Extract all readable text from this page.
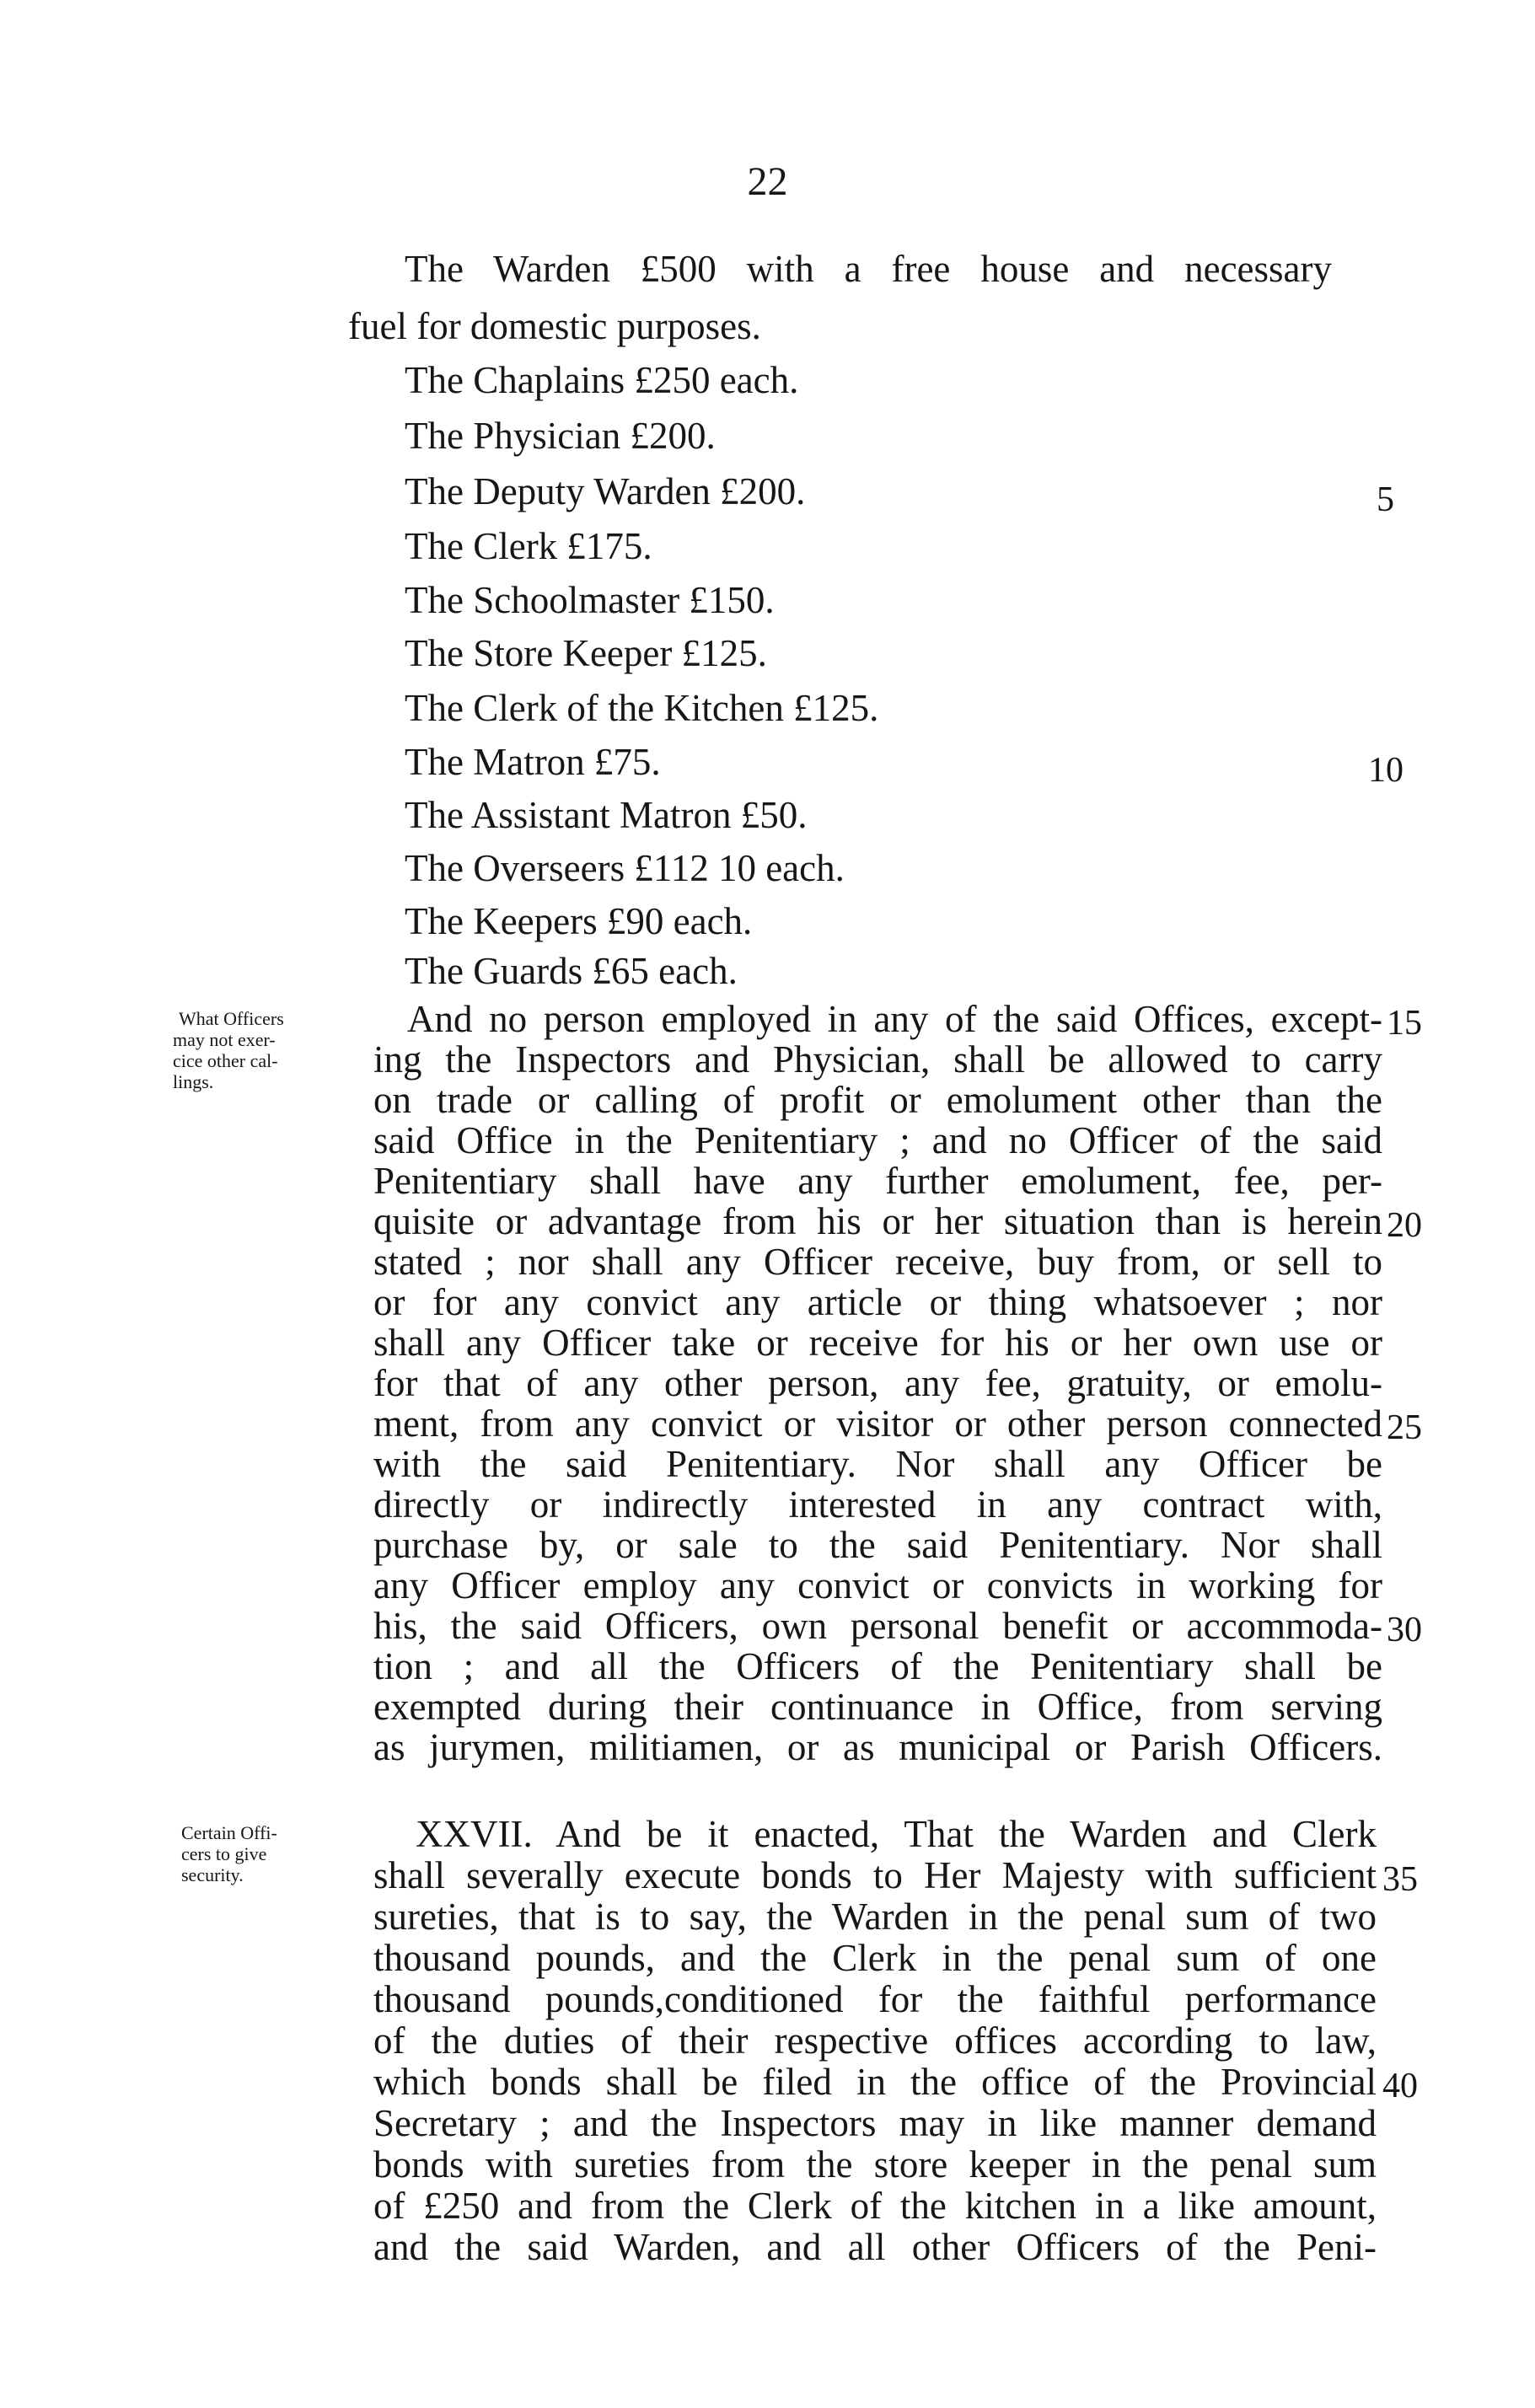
22
The Warden £500 with a free house and necessary
fuel for domestic purposes.
The Chaplains £250 each.
The Physician £200.
The Deputy Warden £200.
The Clerk £175.
The Schoolmaster £150.
The Store Keeper £125.
The Clerk of the Kitchen £125.
The Matron £75.
The Assistant Matron £50.
The Overseers £112 10 each.
The Keepers £90 each.
The Guards £65 each.
What Officers
may not exer-
cice other cal-
lings.
And no person employed in any of the said Offices, except-
ing the Inspectors and Physician, shall be allowed to carry
on trade or calling of profit or emolument other than the
said Office in the Penitentiary ; and no Officer of the said
Penitentiary shall have any further emolument, fee, per-
quisite or advantage from his or her situation than is herein
stated ; nor shall any Officer receive, buy from, or sell to
or for any convict any article or thing whatsoever ; nor
shall any Officer take or receive for his or her own use or
for that of any other person, any fee, gratuity, or emolu-
ment, from any convict or visitor or other person connected
with the said Penitentiary. Nor shall any Officer be
directly or indirectly interested in any contract with,
purchase by, or sale to the said Penitentiary. Nor shall
any Officer employ any convict or convicts in working for
his, the said Officers, own personal benefit or accommoda-
tion ; and all the Officers of the Penitentiary shall be
exempted during their continuance in Office, from serving
as jurymen, militiamen, or as municipal or Parish Officers.
Certain Offi-
cers to give
security.
XXVII. And be it enacted, That the Warden and Clerk
shall severally execute bonds to Her Majesty with sufficient
sureties, that is to say, the Warden in the penal sum of two
thousand pounds, and the Clerk in the penal sum of one
thousand pounds,conditioned for the faithful performance
of the duties of their respective offices according to law,
which bonds shall be filed in the office of the Provincial
Secretary ; and the Inspectors may in like manner demand
bonds with sureties from the store keeper in the penal sum
of £250 and from the Clerk of the kitchen in a like amount,
and the said Warden, and all other Officers of the Peni-
5
10
15
20
25
30
35
40
